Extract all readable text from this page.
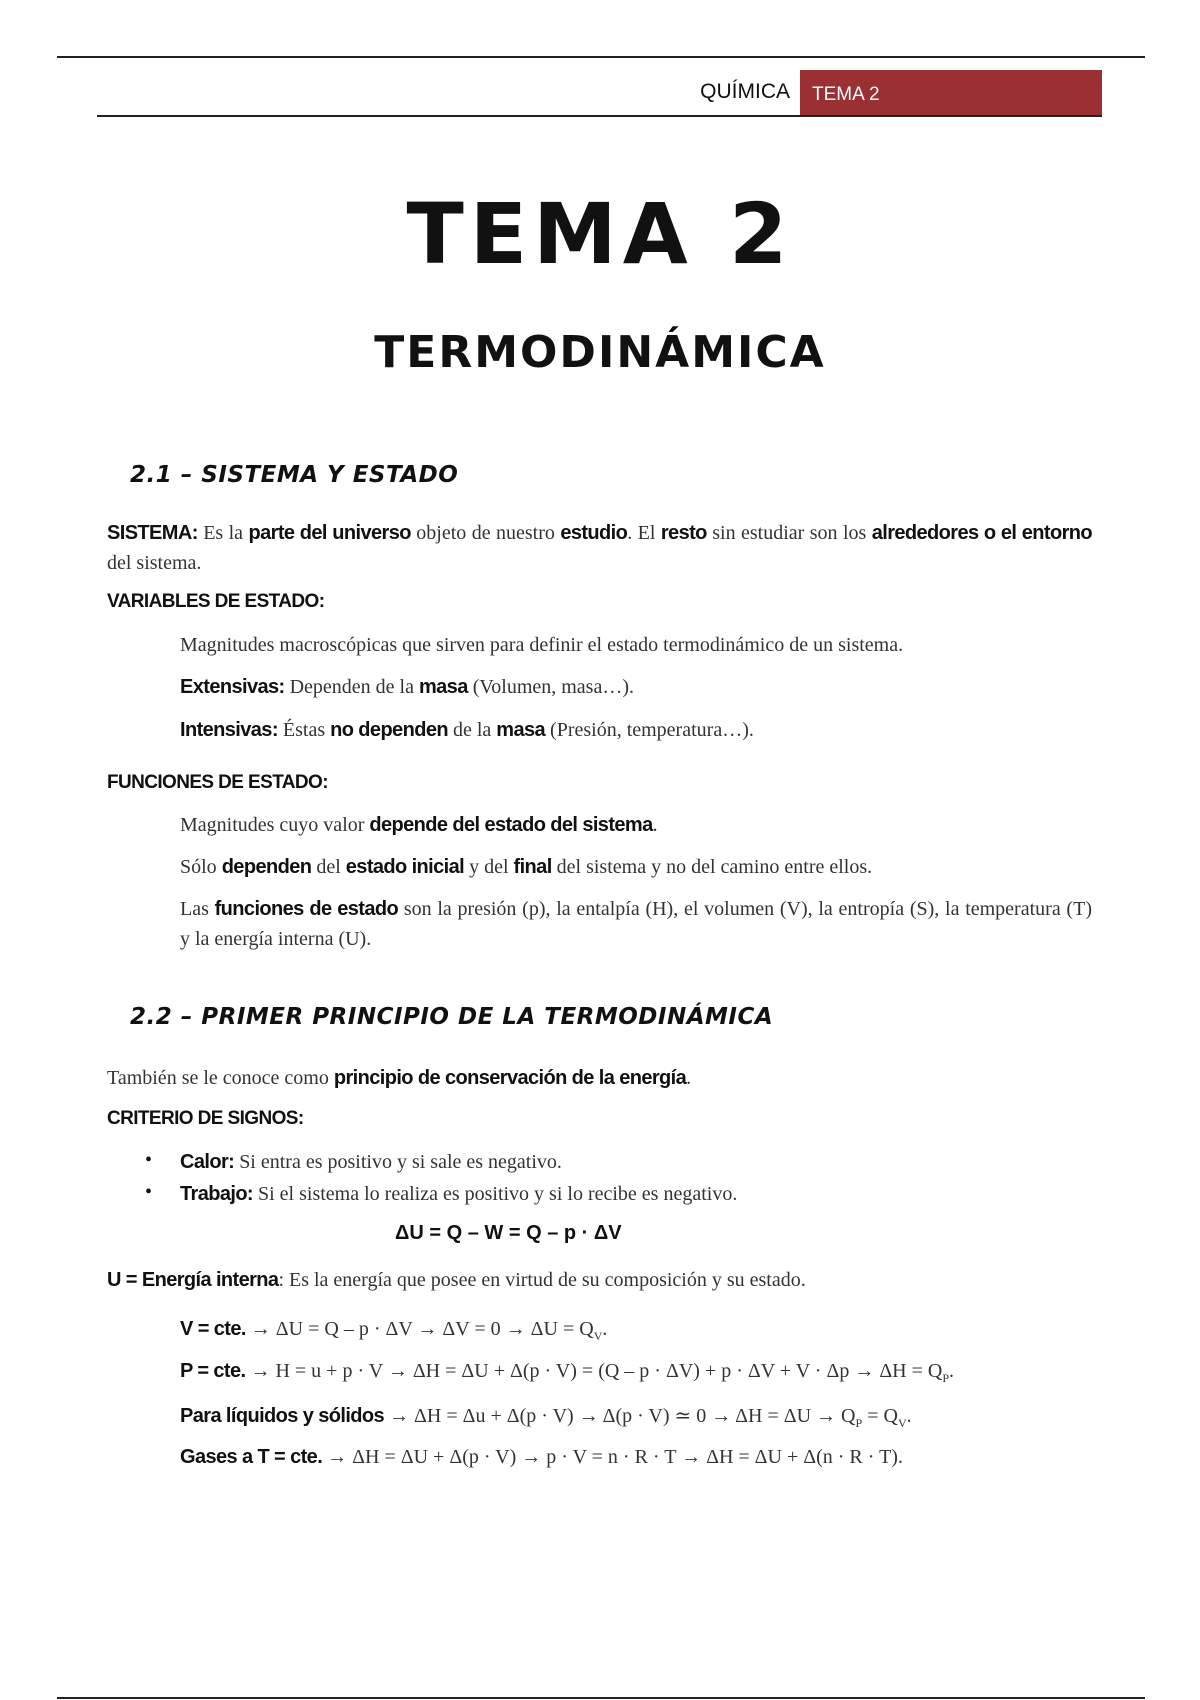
QUÍMICA	TEMA 2
TEMA 2
TERMODINÁMICA
2.1 – SISTEMA Y ESTADO
SISTEMA: Es la parte del universo objeto de nuestro estudio. El resto sin estudiar son los alrededores o el entorno del sistema.
VARIABLES DE ESTADO:
Magnitudes macroscópicas que sirven para definir el estado termodinámico de un sistema.
Extensivas: Dependen de la masa (Volumen, masa…).
Intensivas: Éstas no dependen de la masa (Presión, temperatura…).
FUNCIONES DE ESTADO:
Magnitudes cuyo valor depende del estado del sistema.
Sólo dependen del estado inicial y del final del sistema y no del camino entre ellos.
Las funciones de estado son la presión (p), la entalpía (H), el volumen (V), la entropía (S), la temperatura (T) y la energía interna (U).
2.2 – PRIMER PRINCIPIO DE LA TERMODINÁMICA
También se le conoce como principio de conservación de la energía.
CRITERIO DE SIGNOS:
• Calor: Si entra es positivo y si sale es negativo.
• Trabajo: Si el sistema lo realiza es positivo y si lo recibe es negativo.
ΔU = Q – W = Q – p · ΔV
U = Energía interna: Es la energía que posee en virtud de su composición y su estado.
V = cte. → $\Delta U = Q - p \cdot \Delta V \to \Delta V = 0 \to \Delta U = Q_V$.
P = cte. → $H = u + p \cdot V \to \Delta H = \Delta U + \Delta(p \cdot V) = (Q - p \cdot \Delta V) + p \cdot \Delta V + V \cdot \Delta p \to \Delta H = Q_P$.
Para líquidos y sólidos → ΔH = Δu + Δ(p · V) → Δ(p · V) ≃ $0 \to \Delta H = \Delta U \to Q_P = Q_V$.
Gases a T = cte. → ΔH = ΔU + Δ(p · V) → p · V = n · R · T → ΔH = ΔU + Δ(n · R · T).
